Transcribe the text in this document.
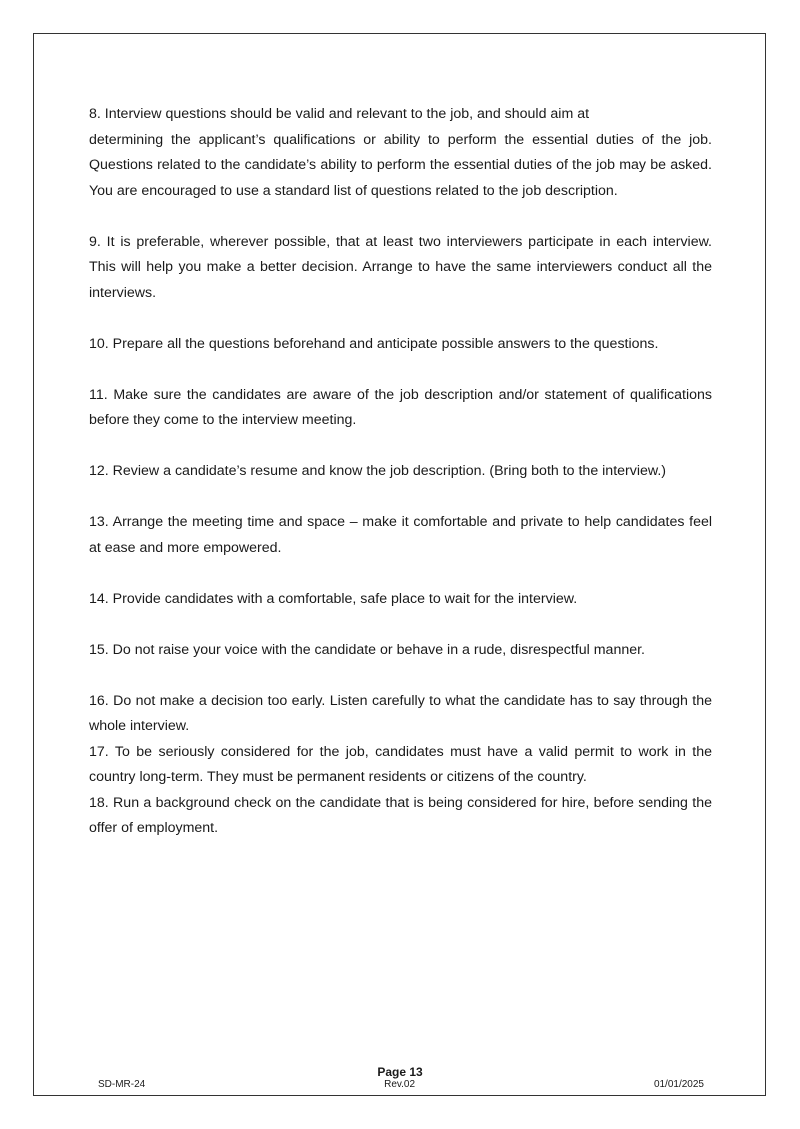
8. Interview questions should be valid and relevant to the job, and should aim at

determining the applicant’s qualifications or ability to perform the essential duties of the job. Questions related to the candidate’s ability to perform the essential duties of the job may be asked. You are encouraged to use a standard list of questions related to the job description.

9. It is preferable, wherever possible, that at least two interviewers participate in each interview. This will help you make a better decision. Arrange to have the same interviewers conduct all the interviews.

10. Prepare all the questions beforehand and anticipate possible answers to the questions.

11. Make sure the candidates are aware of the job description and/or statement of qualifications before they come to the interview meeting.

12. Review a candidate’s resume and know the job description. (Bring both to the interview.)

13. Arrange the meeting time and space – make it comfortable and private to help candidates feel at ease and more empowered.

14. Provide candidates with a comfortable, safe place to wait for the interview.

15. Do not raise your voice with the candidate or behave in a rude, disrespectful manner.

16. Do not make a decision too early. Listen carefully to what the candidate has to say through the whole interview.

17. To be seriously considered for the job, candidates must have a valid permit to work in the country long-term. They must be permanent residents or citizens of the country.

18. Run a background check on the candidate that is being considered for hire, before sending the offer of employment.

Page 13
SD-MR-24	Rev.02	01/01/2025
